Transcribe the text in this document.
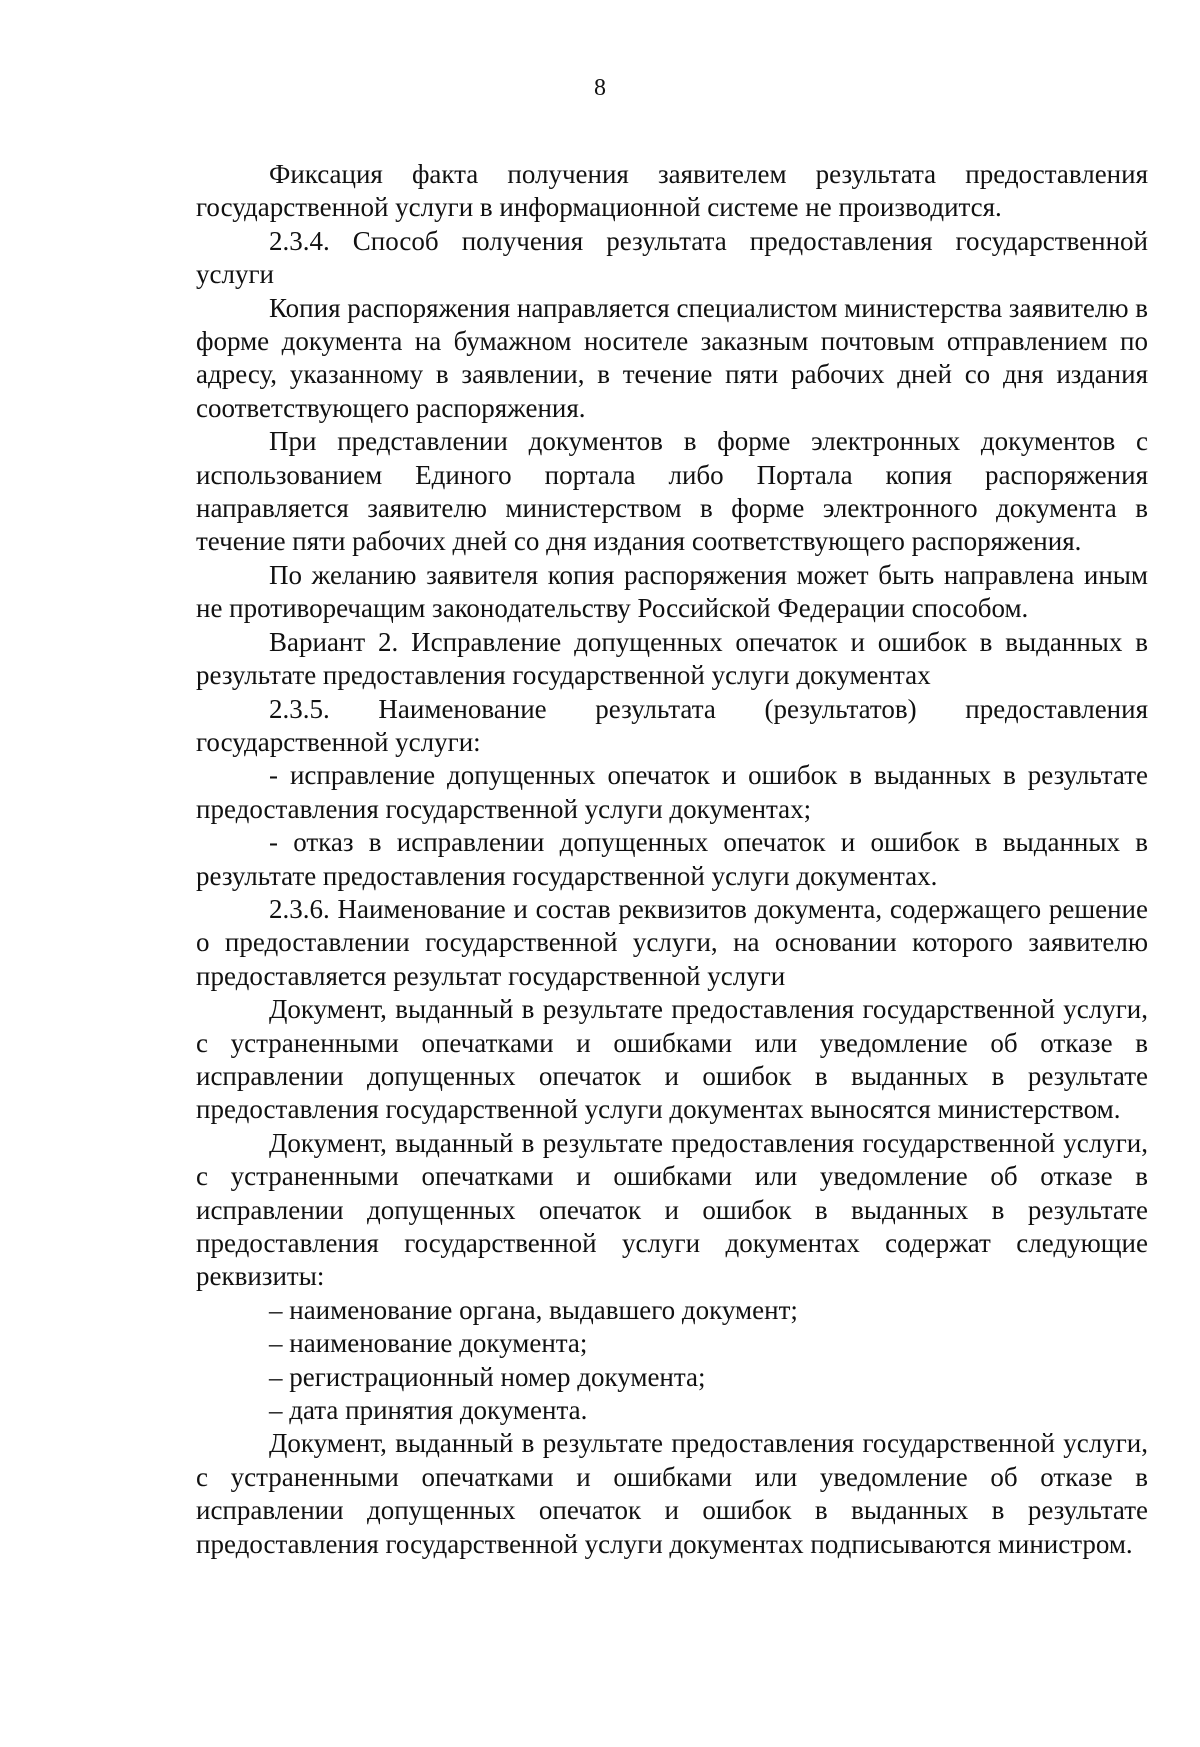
8

Фиксация факта получения заявителем результата предоставления государственной услуги в информационной системе не производится.

2.3.4. Способ получения результата предоставления государственной услуги

Копия распоряжения направляется специалистом министерства заявителю в форме документа на бумажном носителе заказным почтовым отправлением по адресу, указанному в заявлении, в течение пяти рабочих дней со дня издания соответствующего распоряжения.

При представлении документов в форме электронных документов с использованием Единого портала либо Портала копия распоряжения направляется заявителю министерством в форме электронного документа в течение пяти рабочих дней со дня издания соответствующего распоряжения.

По желанию заявителя копия распоряжения может быть направлена иным не противоречащим законодательству Российской Федерации способом.

Вариант 2. Исправление допущенных опечаток и ошибок в выданных в результате предоставления государственной услуги документах

2.3.5. Наименование результата (результатов) предоставления государственной услуги:

- исправление допущенных опечаток и ошибок в выданных в результате предоставления государственной услуги документах;

- отказ в исправлении допущенных опечаток и ошибок в выданных в результате предоставления государственной услуги документах.

2.3.6. Наименование и состав реквизитов документа, содержащего решение о предоставлении государственной услуги, на основании которого заявителю предоставляется результат государственной услуги

Документ, выданный в результате предоставления государственной услуги, с устраненными опечатками и ошибками или уведомление об отказе в исправлении допущенных опечаток и ошибок в выданных в результате предоставления государственной услуги документах выносятся министерством.

Документ, выданный в результате предоставления государственной услуги, с устраненными опечатками и ошибками или уведомление об отказе в исправлении допущенных опечаток и ошибок в выданных в результате предоставления государственной услуги документах содержат следующие реквизиты:

– наименование органа, выдавшего документ;

– наименование документа;

– регистрационный номер документа;

– дата принятия документа.

Документ, выданный в результате предоставления государственной услуги, с устраненными опечатками и ошибками или уведомление об отказе в исправлении допущенных опечаток и ошибок в выданных в результате предоставления государственной услуги документах подписываются министром.
